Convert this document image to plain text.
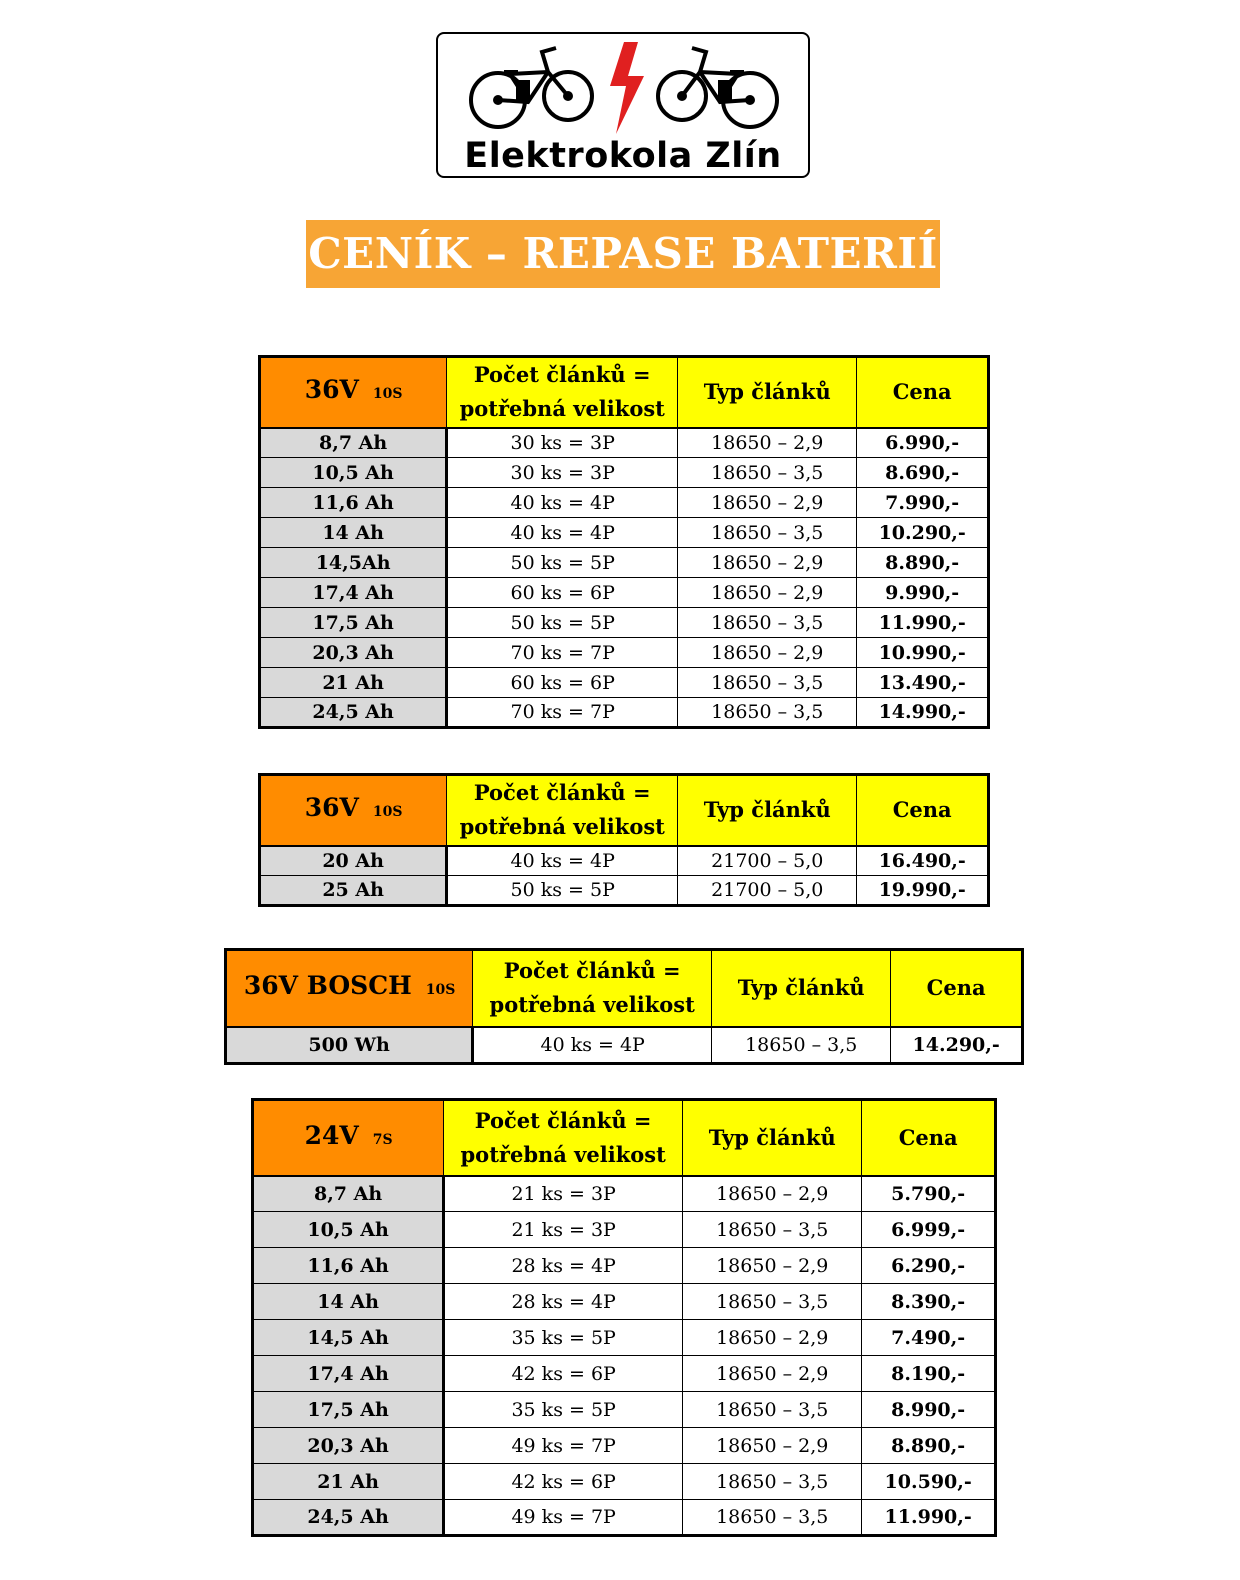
Elektrokola Zlín
CENÍK – REPASE BATERIÍ
36V 10S	Počet článků = potřebná velikost	Typ článků	Cena
8,7 Ah	30 ks = 3P	18650 – 2,9	6.990,-
10,5 Ah	30 ks = 3P	18650 – 3,5	8.690,-
11,6 Ah	40 ks = 4P	18650 – 2,9	7.990,-
14 Ah	40 ks = 4P	18650 – 3,5	10.290,-
14,5Ah	50 ks = 5P	18650 – 2,9	8.890,-
17,4 Ah	60 ks = 6P	18650 – 2,9	9.990,-
17,5 Ah	50 ks = 5P	18650 – 3,5	11.990,-
20,3 Ah	70 ks = 7P	18650 – 2,9	10.990,-
21 Ah	60 ks = 6P	18650 – 3,5	13.490,-
24,5 Ah	70 ks = 7P	18650 – 3,5	14.990,-
36V 10S	Počet článků = potřebná velikost	Typ článků	Cena
20 Ah	40 ks = 4P	21700 – 5,0	16.490,-
25 Ah	50 ks = 5P	21700 – 5,0	19.990,-
36V BOSCH 10S	Počet článků = potřebná velikost	Typ článků	Cena
500 Wh	40 ks = 4P	18650 – 3,5	14.290,-
24V 7S	Počet článků = potřebná velikost	Typ článků	Cena
8,7 Ah	21 ks = 3P	18650 – 2,9	5.790,-
10,5 Ah	21 ks = 3P	18650 – 3,5	6.999,-
11,6 Ah	28 ks = 4P	18650 – 2,9	6.290,-
14 Ah	28 ks = 4P	18650 – 3,5	8.390,-
14,5 Ah	35 ks = 5P	18650 – 2,9	7.490,-
17,4 Ah	42 ks = 6P	18650 – 2,9	8.190,-
17,5 Ah	35 ks = 5P	18650 – 3,5	8.990,-
20,3 Ah	49 ks = 7P	18650 – 2,9	8.890,-
21 Ah	42 ks = 6P	18650 – 3,5	10.590,-
24,5 Ah	49 ks = 7P	18650 – 3,5	11.990,-
